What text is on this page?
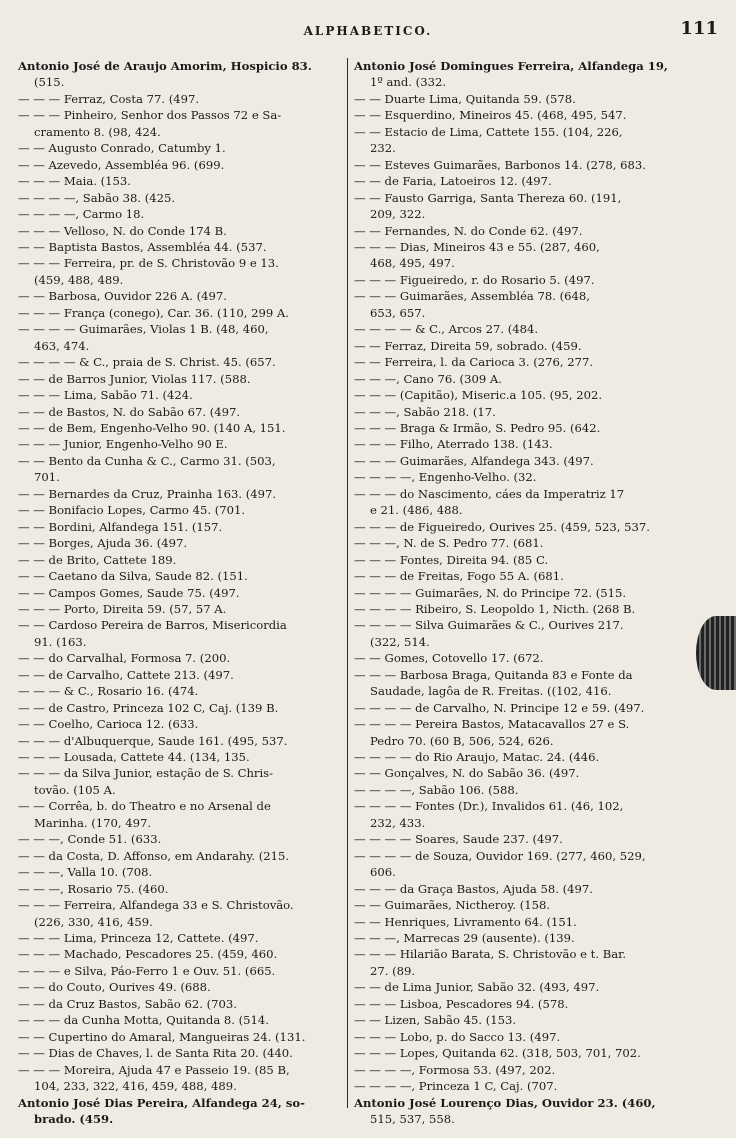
ALPHABETICO.	111
Antonio José de Araujo Amorim, Hospicio 83.
(515.
— — — Ferraz, Costa 77. (497.
— — — Pinheiro, Senhor dos Passos 72 e Sa-
cramento 8. (98, 424.
— — Augusto Conrado, Catumby 1.
— — Azevedo, Assembléa 96. (699.
— — — Maia. (153.
— — — —, Sabão 38. (425.
— — — —, Carmo 18.
— — — Velloso, N. do Conde 174 B.
— — Baptista Bastos, Assembléa 44. (537.
— — — Ferreira, pr. de S. Christovão 9 e 13.
(459, 488, 489.
— — Barbosa, Ouvidor 226 A. (497.
— — — França (conego), Car. 36. (110, 299 A.
— — — — Guimarães, Violas 1 B. (48, 460,
463, 474.
— — — — & C., praia de S. Christ. 45. (657.
— — de Barros Junior, Violas 117. (588.
— — — Lima, Sabão 71. (424.
— — de Bastos, N. do Sabão 67. (497.
— — de Bem, Engenho-Velho 90. (140 A, 151.
— — — Junior, Engenho-Velho 90 E.
— — Bento da Cunha & C., Carmo 31. (503,
701.
— — Bernardes da Cruz, Prainha 163. (497.
— — Bonifacio Lopes, Carmo 45. (701.
— — Bordini, Alfandega 151. (157.
— — Borges, Ajuda 36. (497.
— — de Brito, Cattete 189.
— — Caetano da Silva, Saude 82. (151.
— — Campos Gomes, Saude 75. (497.
— — — Porto, Direita 59. (57, 57 A.
— — Cardoso Pereira de Barros, Misericordia
91. (163.
— — do Carvalhal, Formosa 7. (200.
— — de Carvalho, Cattete 213. (497.
— — — & C., Rosario 16. (474.
— — de Castro, Princeza 102 C, Caj. (139 B.
— — Coelho, Carioca 12. (633.
— — — d'Albuquerque, Saude 161. (495, 537.
— — — Lousada, Cattete 44. (134, 135.
— — — da Silva Junior, estação de S. Chris-
tovão. (105 A.
— — Corrêa, b. do Theatro e no Arsenal de
Marinha. (170, 497.
— — —, Conde 51. (633.
— — da Costa, D. Affonso, em Andarahy. (215.
— — —, Valla 10. (708.
— — —, Rosario 75. (460.
— — — Ferreira, Alfandega 33 e S. Christovão.
(226, 330, 416, 459.
— — — Lima, Princeza 12, Cattete. (497.
— — — Machado, Pescadores 25. (459, 460.
— — — e Silva, Páo-Ferro 1 e Ouv. 51. (665.
— — do Couto, Ourives 49. (688.
— — da Cruz Bastos, Sabão 62. (703.
— — — da Cunha Motta, Quitanda 8. (514.
— — Cupertino do Amaral, Mangueiras 24. (131.
— — Dias de Chaves, l. de Santa Rita 20. (440.
— — — Moreira, Ajuda 47 e Passeio 19. (85 B,
104, 233, 322, 416, 459, 488, 489.
Antonio José Dias Pereira, Alfandega 24, so-
brado. (459.
Antonio José Domingues Ferreira, Alfandega 19,
1º and. (332.
— — Duarte Lima, Quitanda 59. (578.
— — Esquerdino, Mineiros 45. (468, 495, 547.
— — Estacio de Lima, Cattete 155. (104, 226,
232.
— — Esteves Guimarães, Barbonos 14. (278, 683.
— — de Faria, Latoeiros 12. (497.
— — Fausto Garriga, Santa Thereza 60. (191,
209, 322.
— — Fernandes, N. do Conde 62. (497.
— — — Dias, Mineiros 43 e 55. (287, 460,
468, 495, 497.
— — — Figueiredo, r. do Rosario 5. (497.
— — — Guimarães, Assembléa 78. (648,
653, 657.
— — — — & C., Arcos 27. (484.
— — Ferraz, Direita 59, sobrado. (459.
— — Ferreira, l. da Carioca 3. (276, 277.
— — —, Cano 76. (309 A.
— — — (Capitão), Miseric.a 105. (95, 202.
— — —, Sabão 218. (17.
— — — Braga & Irmão, S. Pedro 95. (642.
— — — Filho, Aterrado 138. (143.
— — — Guimarães, Alfandega 343. (497.
— — — —, Engenho-Velho. (32.
— — — do Nascimento, cáes da Imperatriz 17
e 21. (486, 488.
— — — de Figueiredo, Ourives 25. (459, 523, 537.
— — —, N. de S. Pedro 77. (681.
— — — Fontes, Direita 94. (85 C.
— — — de Freitas, Fogo 55 A. (681.
— — — — Guimarães, N. do Principe 72. (515.
— — — — Ribeiro, S. Leopoldo 1, Nicth. (268 B.
— — — — Silva Guimarães & C., Ourives 217.
(322, 514.
— — Gomes, Cotovello 17. (672.
— — — Barbosa Braga, Quitanda 83 e Fonte da
Saudade, lagôa de R. Freitas. ((102, 416.
— — — — de Carvalho, N. Principe 12 e 59. (497.
— — — — Pereira Bastos, Matacavallos 27 e S.
Pedro 70. (60 B, 506, 524, 626.
— — — — do Rio Araujo, Matac. 24. (446.
— — Gonçalves, N. do Sabão 36. (497.
— — — —, Sabão 106. (588.
— — — — Fontes (Dr.), Invalidos 61. (46, 102,
232, 433.
— — — — Soares, Saude 237. (497.
— — — — de Souza, Ouvidor 169. (277, 460, 529,
606.
— — — da Graça Bastos, Ajuda 58. (497.
— — Guimarães, Nictheroy. (158.
— — Henriques, Livramento 64. (151.
— — —, Marrecas 29 (ausente). (139.
— — — Hilarião Barata, S. Christovão e t. Bar.
27. (89.
— — de Lima Junior, Sabão 32. (493, 497.
— — — Lisboa, Pescadores 94. (578.
— — Lizen, Sabão 45. (153.
— — — Lobo, p. do Sacco 13. (497.
— — — Lopes, Quitanda 62. (318, 503, 701, 702.
— — — —, Formosa 53. (497, 202.
— — — —, Princeza 1 C, Caj. (707.
Antonio José Lourenço Dias, Ouvidor 23. (460,
515, 537, 558.
